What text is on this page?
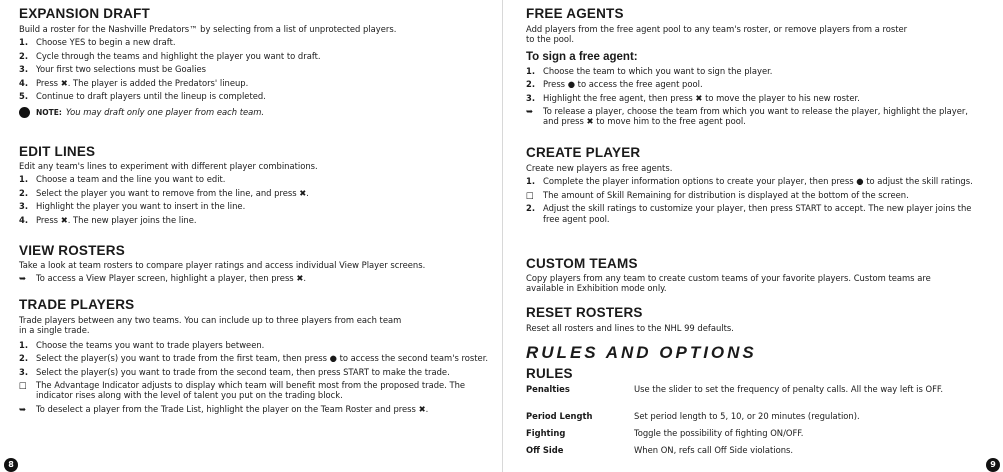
EXPANSION DRAFT

Build a roster for the Nashville Predators™ by selecting from a list of unprotected players.

1. Choose YES to begin a new draft.
2. Cycle through the teams and highlight the player you want to draft.
3. Your first two selections must be Goalies
4. Press ✖. The player is added the Predators' lineup.
5. Continue to draft players until the lineup is completed.
NOTE: You may draft only one player from each team.
EDIT LINES

Edit any team's lines to experiment with different player combinations.

1. Choose a team and the line you want to edit.
2. Select the player you want to remove from the line, and press ✖.
3. Highlight the player you want to insert in the line.
4. Press ✖. The new player joins the line.
VIEW ROSTERS

Take a look at team rosters to compare player ratings and access individual View Player screens.

➥ To access a View Player screen, highlight a player, then press ✖.
TRADE PLAYERS

Trade players between any two teams. You can include up to three players from each team

in a single trade.

1. Choose the teams you want to trade players between.
2. Select the player(s) you want to trade from the first team, then press ● to access the second team's roster.
3. Select the player(s) you want to trade from the second team, then press START to make the trade.
□ The Advantage Indicator adjusts to display which team will benefit most from the proposed trade. The indicator rises along with the level of talent you put on the trading block.
➥ To deselect a player from the Trade List, highlight the player on the Team Roster and press ✖.
8
FREE AGENTS

Add players from the free agent pool to any team's roster, or remove players from a roster

to the pool.

To sign a free agent:
1. Choose the team to which you want to sign the player.
2. Press ● to access the free agent pool.
3. Highlight the free agent, then press ✖ to move the player to his new roster.
➥ To release a player, choose the team from which you want to release the player, highlight the player, and press ✖ to move him to the free agent pool.
CREATE PLAYER

Create new players as free agents.

1. Complete the player information options to create your player, then press ● to adjust the skill ratings.
□ The amount of Skill Remaining for distribution is displayed at the bottom of the screen.
2. Adjust the skill ratings to customize your player, then press START to accept. The new player joins the free agent pool.
CUSTOM TEAMS

Copy players from any team to create custom teams of your favorite players. Custom teams are

available in Exhibition mode only.

RESET ROSTERS

Reset all rosters and lines to the NHL 99 defaults.

RULES AND OPTIONS
RULES
Penalties	Use the slider to set the frequency of penalty calls. All the way left is OFF.
Period Length	Set period length to 5, 10, or 20 minutes (regulation).
Fighting	Toggle the possibility of fighting ON/OFF.
Off Side	When ON, refs call Off Side violations.
9
